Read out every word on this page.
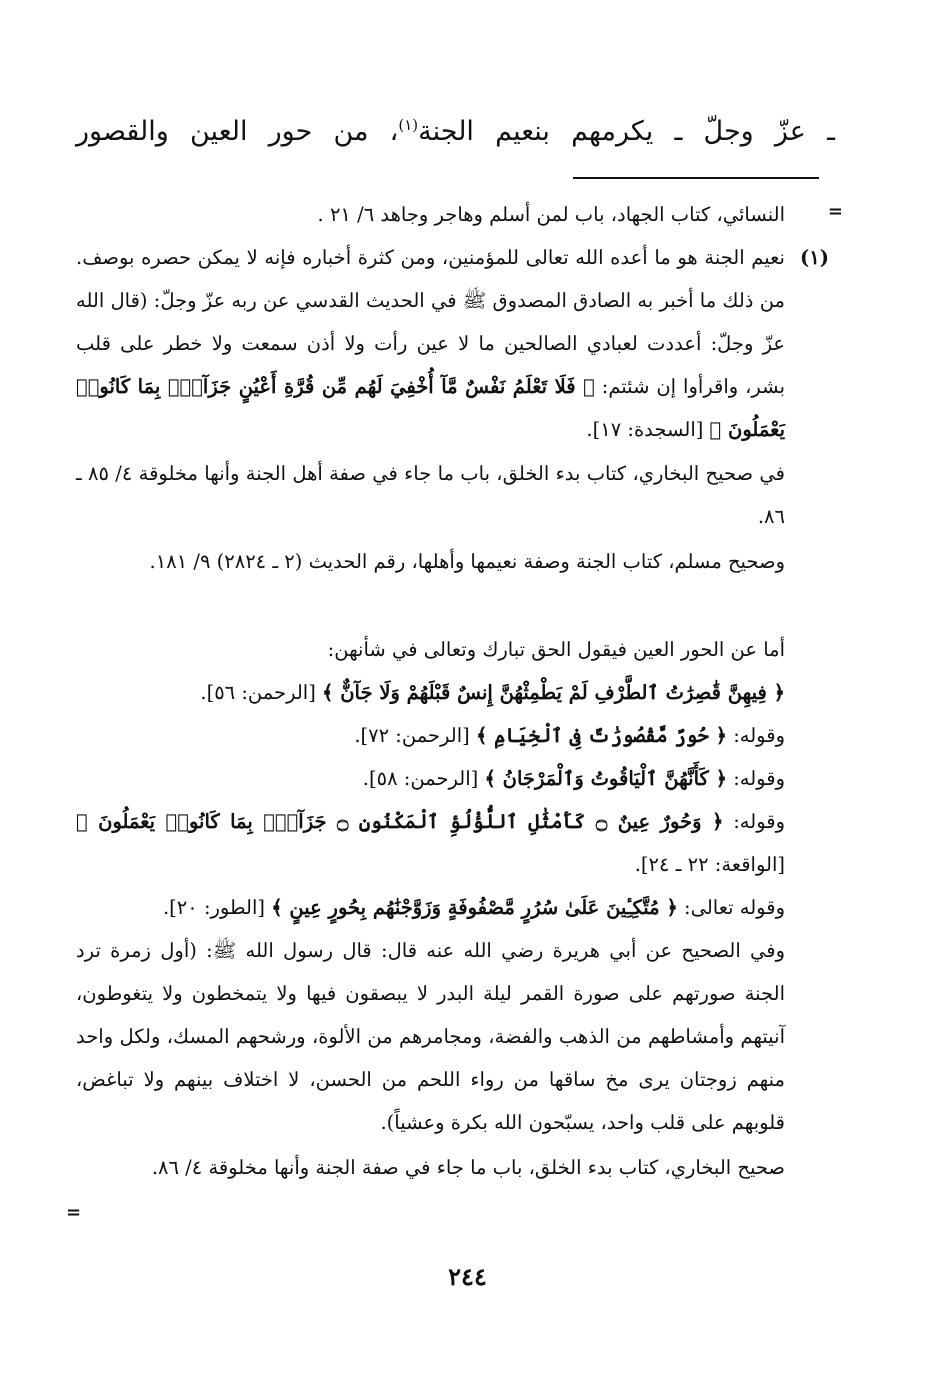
ـ عزّ وجلّ ـ يكرمهم بنعيم الجنة$^{(١)}$، من حور العين والقصور
=
النسائي، كتاب الجهاد، باب لمن أسلم وهاجر وجاهد ٦/ ٢١ .
(١)
نعيم الجنة هو ما أعده الله تعالى للمؤمنين، ومن كثرة أخباره فإنه لا يمكن حصره بوصف. من ذلك ما أخبر به الصادق المصدوق ﷺ في الحديث القدسي عن ربه عزّ وجلّ: (قال الله عزّ وجلّ: أعددت لعبادي الصالحين ما لا عين رأت ولا أذن سمعت ولا خطر على قلب بشر، واقرأوا إن شئتم: ﴿ فَلَا تَعْلَمُ نَفْسٌ مَّآ أُخْفِيَ لَهُم مِّن قُرَّةِ أَعْيُنٍ جَزَآءًۢ بِمَا كَانُوا۟ يَعْمَلُونَ ﴾ [السجدة: ١٧].
في صحيح البخاري، كتاب بدء الخلق، باب ما جاء في صفة أهل الجنة وأنها مخلوقة ٤/ ٨٥ ـ ٨٦.
وصحيح مسلم، كتاب الجنة وصفة نعيمها وأهلها، رقم الحديث (٢ ـ ٢٨٢٤) ٩/ ١٨١.
أما عن الحور العين فيقول الحق تبارك وتعالى في شأنهن:
﴿ فِيهِنَّ قَٰصِرَٰتُ ٱلطَّرْفِ لَمْ يَطْمِثْهُنَّ إِنسٌ قَبْلَهُمْ وَلَا جَآنٌّ ﴾ [الرحمن: ٥٦].
وقوله: ﴿ حُورٌ مَّقْصُورَٰتٌ فِى ٱلْخِيَامِ ﴾ [الرحمن: ٧٢].
وقوله: ﴿ كَأَنَّهُنَّ ٱلْيَاقُوتُ وَٱلْمَرْجَانُ ﴾ [الرحمن: ٥٨].
وقوله: ﴿ وَحُورٌ عِينٌ ۝ كَأَمْثَٰلِ ٱللُّؤْلُؤِ ٱلْمَكْنُونِ ۝ جَزَآءًۢ بِمَا كَانُوا۟ يَعْمَلُونَ ﴾ [الواقعة: ٢٢ ـ ٢٤].
وقوله تعالى: ﴿ مُتَّكِـِٔينَ عَلَىٰ سُرُرٍ مَّصْفُوفَةٍ وَزَوَّجْنَٰهُم بِحُورٍ عِينٍ ﴾ [الطور: ٢٠].
وفي الصحيح عن أبي هريرة رضي الله عنه قال: قال رسول الله ﷺ: (أول زمرة ترد الجنة صورتهم على صورة القمر ليلة البدر لا يبصقون فيها ولا يتمخطون ولا يتغوطون، آنيتهم وأمشاطهم من الذهب والفضة، ومجامرهم من الألوة، ورشحهم المسك، ولكل واحد منهم زوجتان يرى مخ ساقها من رواء اللحم من الحسن، لا اختلاف بينهم ولا تباغض، قلوبهم على قلب واحد، يسبّحون الله بكرة وعشياً).
صحيح البخاري، كتاب بدء الخلق، باب ما جاء في صفة الجنة وأنها مخلوقة ٤/ ٨٦.
=
٢٤٤
